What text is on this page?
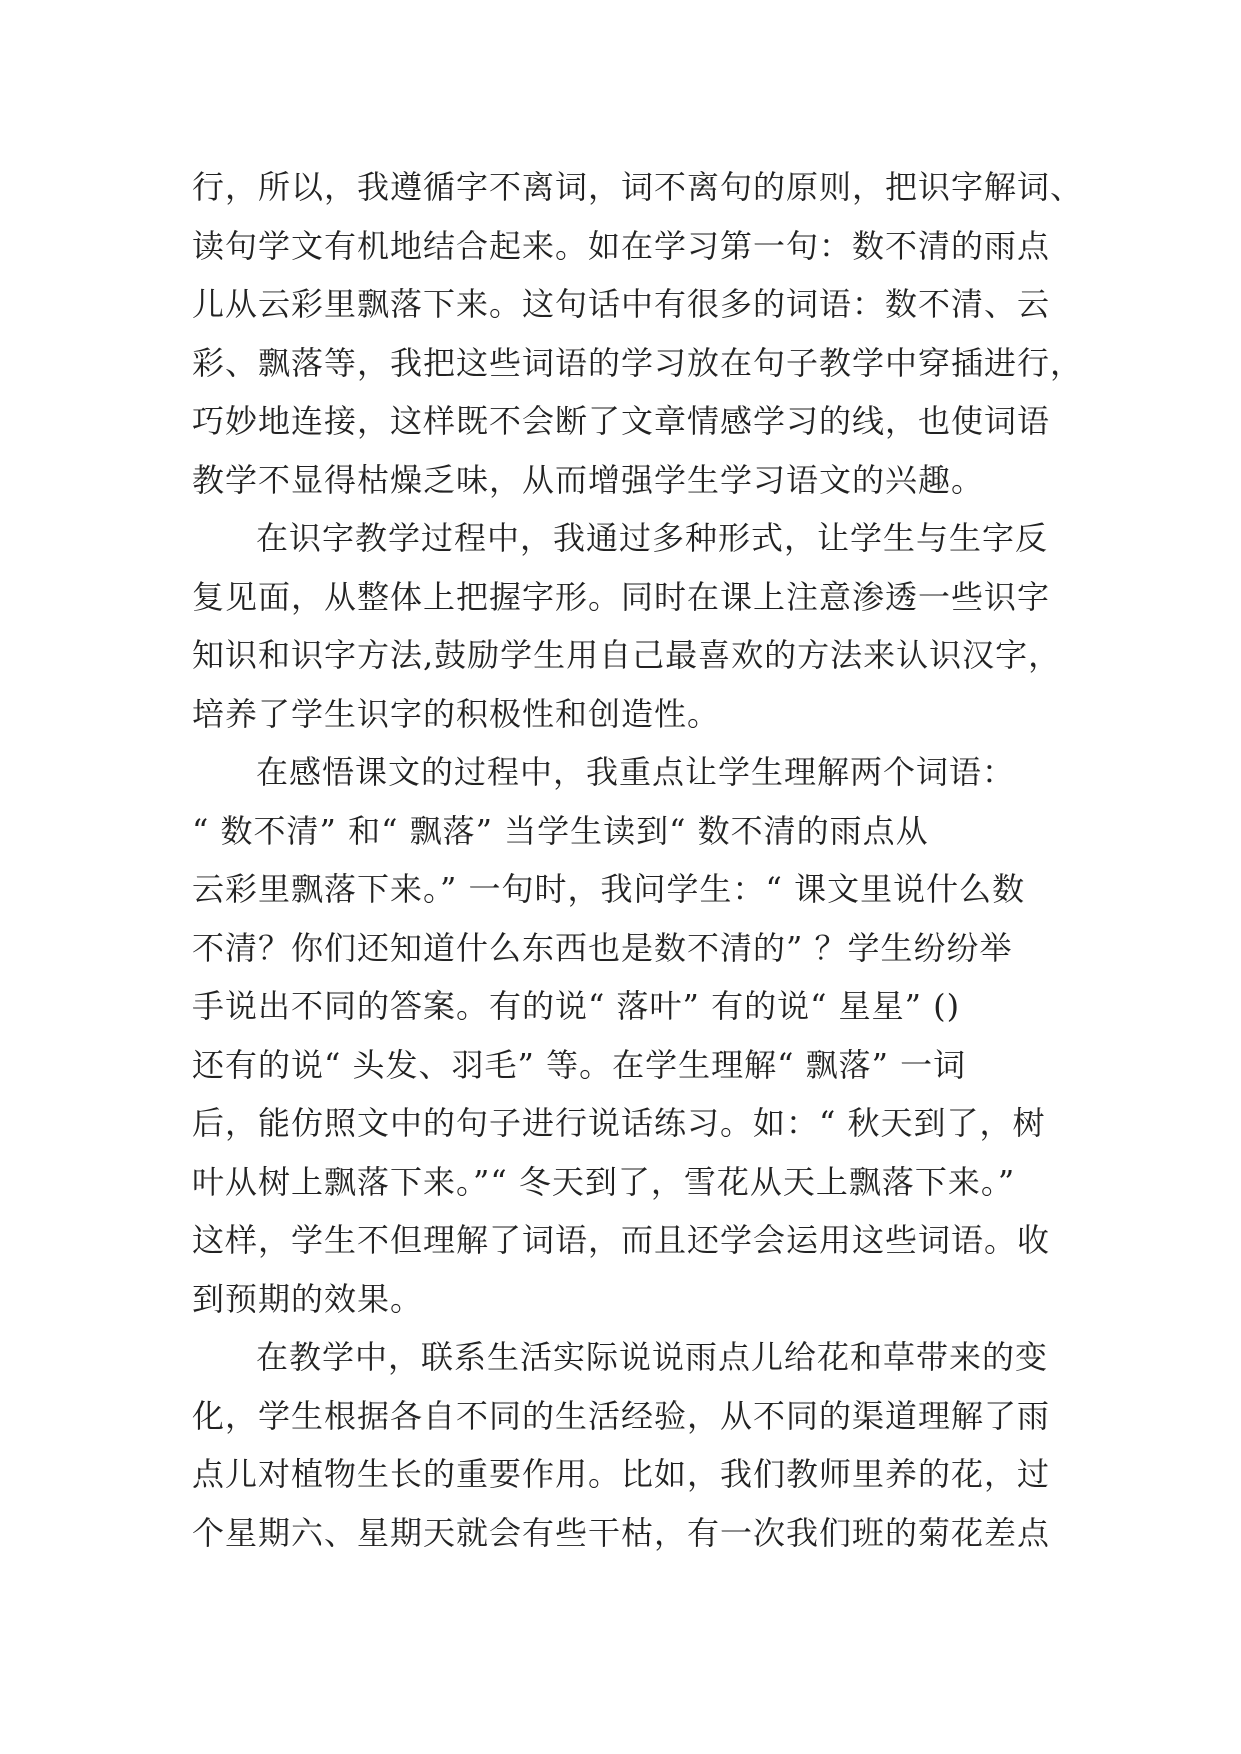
行，所以，我遵循字不离词，词不离句的原则，把识字解词、
读句学文有机地结合起来。如在学习第一句：数不清的雨点
儿从云彩里飘落下来。这句话中有很多的词语：数不清、云
彩、飘落等，我把这些词语的学习放在句子教学中穿插进行，
巧妙地连接，这样既不会断了文章情感学习的线，也使词语
教学不显得枯燥乏味，从而增强学生学习语文的兴趣。
在识字教学过程中，我通过多种形式，让学生与生字反
复见面，从整体上把握字形。同时在课上注意渗透一些识字
知识和识字方法,鼓励学生用自己最喜欢的方法来认识汉字，
培养了学生识字的积极性和创造性。
在感悟课文的过程中，我重点让学生理解两个词语：
“ 数不清” 和“ 飘落” 当学生读到“ 数不清的雨点从
云彩里飘落下来。” 一句时，我问学生：“ 课文里说什么数
不清？你们还知道什么东西也是数不清的” ？学生纷纷举
手说出不同的答案。有的说“ 落叶” 有的说“ 星星” ()
还有的说“ 头发、羽毛” 等。在学生理解“ 飘落” 一词
后，能仿照文中的句子进行说话练习。如：“ 秋天到了，树
叶从树上飘落下来。”“ 冬天到了，雪花从天上飘落下来。”
这样，学生不但理解了词语，而且还学会运用这些词语。收
到预期的效果。
在教学中，联系生活实际说说雨点儿给花和草带来的变
化，学生根据各自不同的生活经验，从不同的渠道理解了雨
点儿对植物生长的重要作用。比如，我们教师里养的花，过
个星期六、星期天就会有些干枯，有一次我们班的菊花差点
